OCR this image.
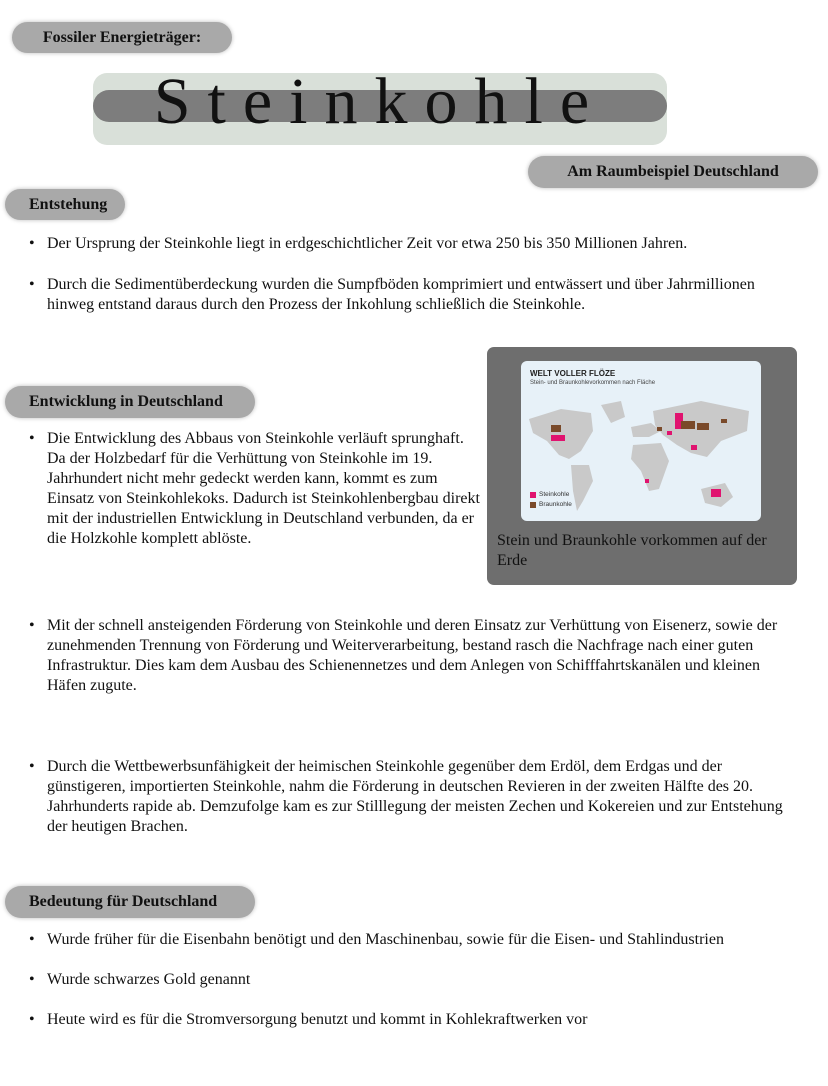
Fossiler Energieträger:
Steinkohle
Am Raumbeispiel Deutschland
Entstehung
• Der Ursprung der Steinkohle liegt in erdgeschichtlicher Zeit vor etwa 250 bis 350 Millionen Jahren.
• Durch die Sedimentüberdeckung wurden die Sumpfböden komprimiert und entwässert und über Jahrmillionen hinweg entstand daraus durch den Prozess der Inkohlung schließlich die Steinkohle.
Entwicklung in Deutschland
• Die Entwicklung des Abbaus von Steinkohle verläuft sprunghaft. Da der Holzbedarf für die Verhüttung von Steinkohle im 19. Jahrhundert nicht mehr gedeckt werden kann, kommt es zum Einsatz von Steinkohlekoks. Dadurch ist Steinkohlenbergbau direkt mit der industriellen Entwicklung in Deutschland verbunden, da er die Holzkohle komplett ablöste.
WELT VOLLER FLÖZE
Stein- und Braunkohlevorkommen nach Fläche
Steinkohle
Braunkohle
Stein und Braunkohle vorkommen auf der Erde
• Mit der schnell ansteigenden Förderung von Steinkohle und deren Einsatz zur Verhüttung von Eisenerz, sowie der zunehmenden Trennung von Förderung und Weiterverarbeitung, bestand rasch die Nachfrage nach einer guten Infrastruktur. Dies kam dem Ausbau des Schienennetzes und dem Anlegen von Schifffahrtskanälen und kleinen Häfen zugute.
• Durch die Wettbewerbsunfähigkeit der heimischen Steinkohle gegenüber dem Erdöl, dem Erdgas und der günstigeren, importierten Steinkohle, nahm die Förderung in deutschen Revieren in der zweiten Hälfte des 20. Jahrhunderts rapide ab. Demzufolge kam es zur Stilllegung der meisten Zechen und Kokereien und zur Entstehung der heutigen Brachen.
Bedeutung für Deutschland
• Wurde früher für die Eisenbahn benötigt und den Maschinenbau, sowie für die Eisen- und Stahlindustrien
• Wurde schwarzes Gold genannt
• Heute wird es für die Stromversorgung benutzt und kommt in Kohlekraftwerken vor
